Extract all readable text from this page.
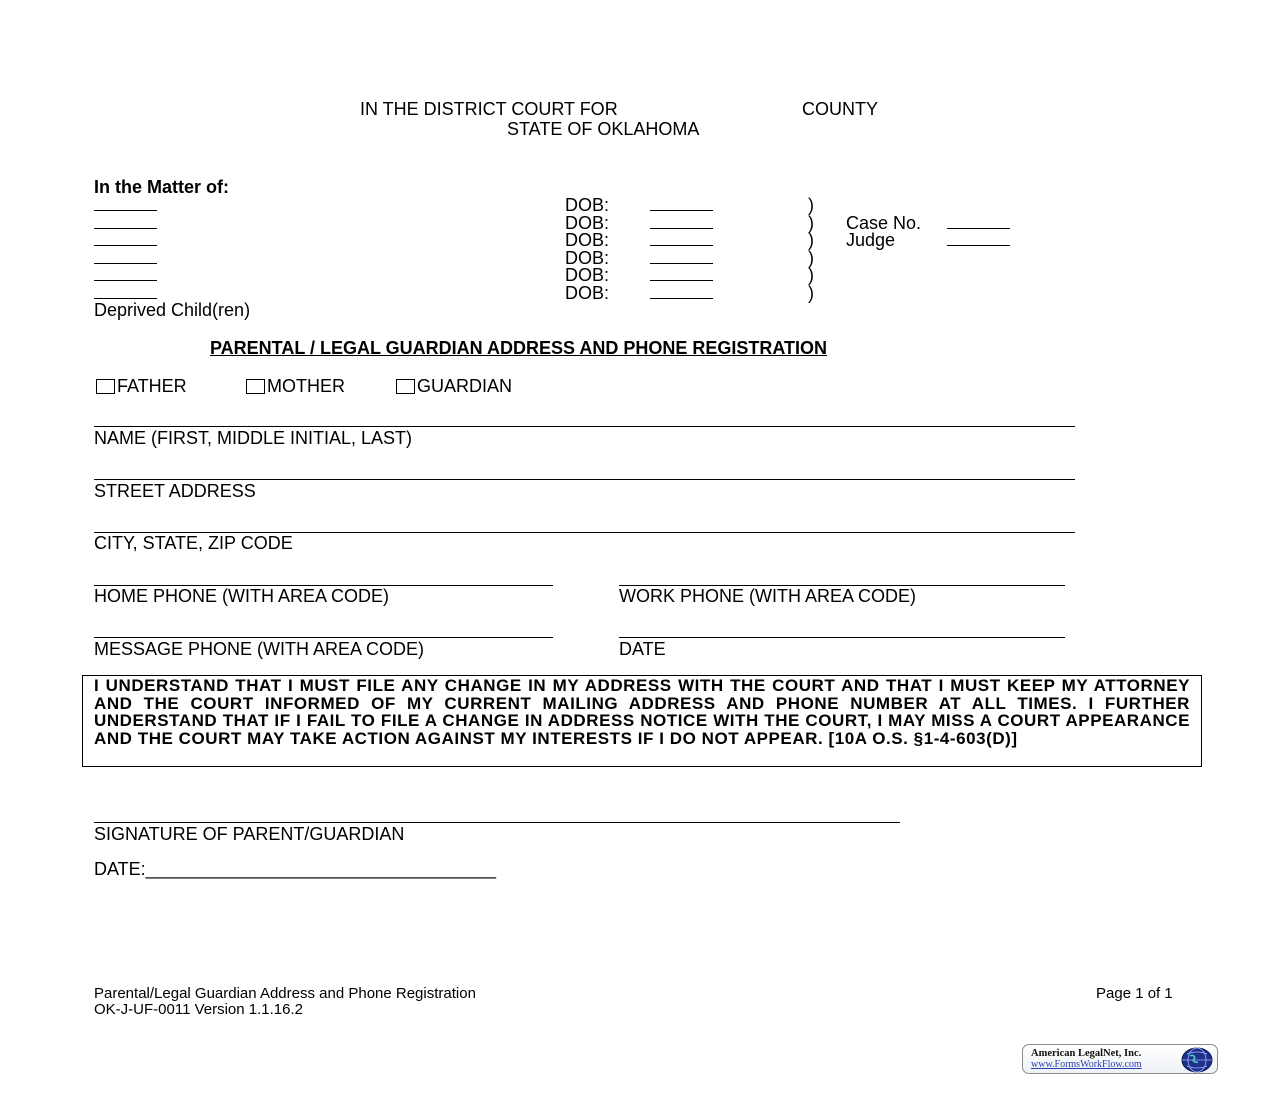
IN THE DISTRICT COURT FOR	COUNTY
STATE OF OKLAHOMA
In the Matter of:
DOB:	)
DOB:	)
DOB:	)
DOB:	)
DOB:	)
DOB:	)
Case No.
Judge
Deprived Child(ren)
PARENTAL / LEGAL GUARDIAN ADDRESS AND PHONE REGISTRATION
FATHER	MOTHER	GUARDIAN
NAME (FIRST, MIDDLE INITIAL, LAST)
STREET ADDRESS
CITY, STATE, ZIP CODE
HOME PHONE (WITH AREA CODE)	WORK PHONE (WITH AREA CODE)
MESSAGE PHONE (WITH AREA CODE)	DATE
I UNDERSTAND THAT I MUST FILE ANY CHANGE IN MY ADDRESS WITH THE COURT AND THAT I MUST KEEP MY ATTORNEY AND THE COURT INFORMED OF MY CURRENT MAILING ADDRESS AND PHONE NUMBER AT ALL TIMES. I FURTHER UNDERSTAND THAT IF I FAIL TO FILE A CHANGE IN ADDRESS NOTICE WITH THE COURT, I MAY MISS A COURT APPEARANCE AND THE COURT MAY TAKE ACTION AGAINST MY INTERESTS IF I DO NOT APPEAR. [10A O.S. §1-4-603(D)]
SIGNATURE OF PARENT/GUARDIAN
DATE:___________________________________
Parental/Legal Guardian Address and Phone Registration
OK-J-UF-0011 Version 1.1.16.2
Page 1 of 1
American LegalNet, Inc.
www.FormsWorkFlow.com
